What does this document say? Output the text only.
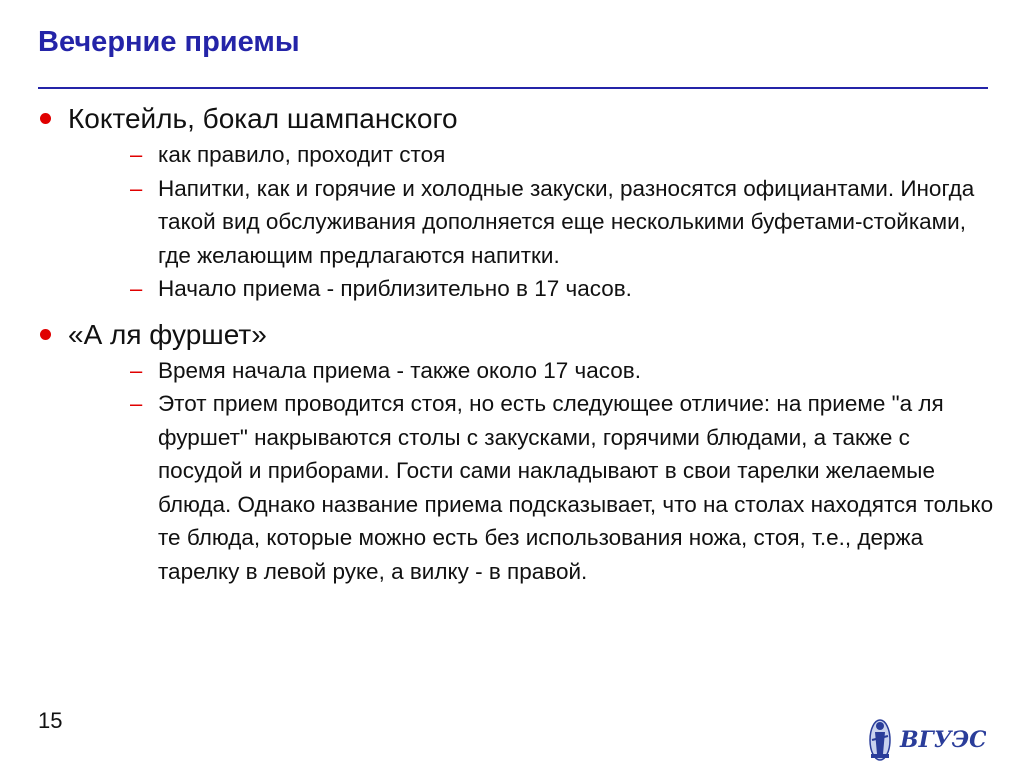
Вечерние приемы
Коктейль, бокал шампанского
– как правило, проходит стоя
– Напитки, как и горячие и холодные закуски, разносятся официантами. Иногда такой вид обслуживания дополняется еще несколькими буфетами-стойками, где желающим предлагаются напитки.
– Начало приема - приблизительно в 17 часов.
«А ля фуршет»
– Время начала приема - также около 17 часов.
– Этот прием проводится стоя, но есть следующее отличие: на приеме "а ля фуршет" накрываются столы с закусками, горячими блюдами, а также с посудой и приборами. Гости сами накладывают в свои тарелки желаемые блюда. Однако название приема подсказывает, что на столах находятся только те блюда, которые можно есть без использования ножа, стоя, т.е., держа тарелку в левой руке, а вилку - в правой.
15
ВГУЭС
